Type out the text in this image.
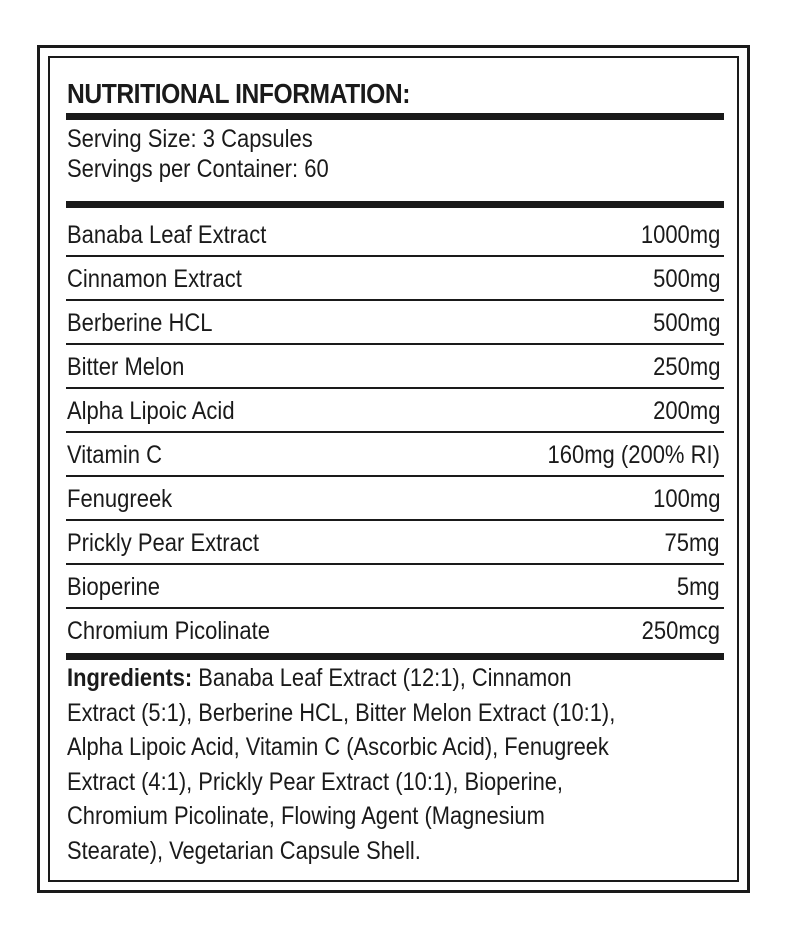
NUTRITIONAL INFORMATION:
Serving Size: 3 Capsules
Servings per Container: 60
Banaba Leaf Extract	1000mg
Cinnamon Extract	500mg
Berberine HCL	500mg
Bitter Melon	250mg
Alpha Lipoic Acid	200mg
Vitamin C	160mg (200% RI)
Fenugreek	100mg
Prickly Pear Extract	75mg
Bioperine	5mg
Chromium Picolinate	250mcg
Ingredients: Banaba Leaf Extract (12:1), Cinnamon
Extract (5:1), Berberine HCL, Bitter Melon Extract (10:1),
Alpha Lipoic Acid, Vitamin C (Ascorbic Acid), Fenugreek
Extract (4:1), Prickly Pear Extract (10:1), Bioperine,
Chromium Picolinate, Flowing Agent (Magnesium
Stearate), Vegetarian Capsule Shell.
